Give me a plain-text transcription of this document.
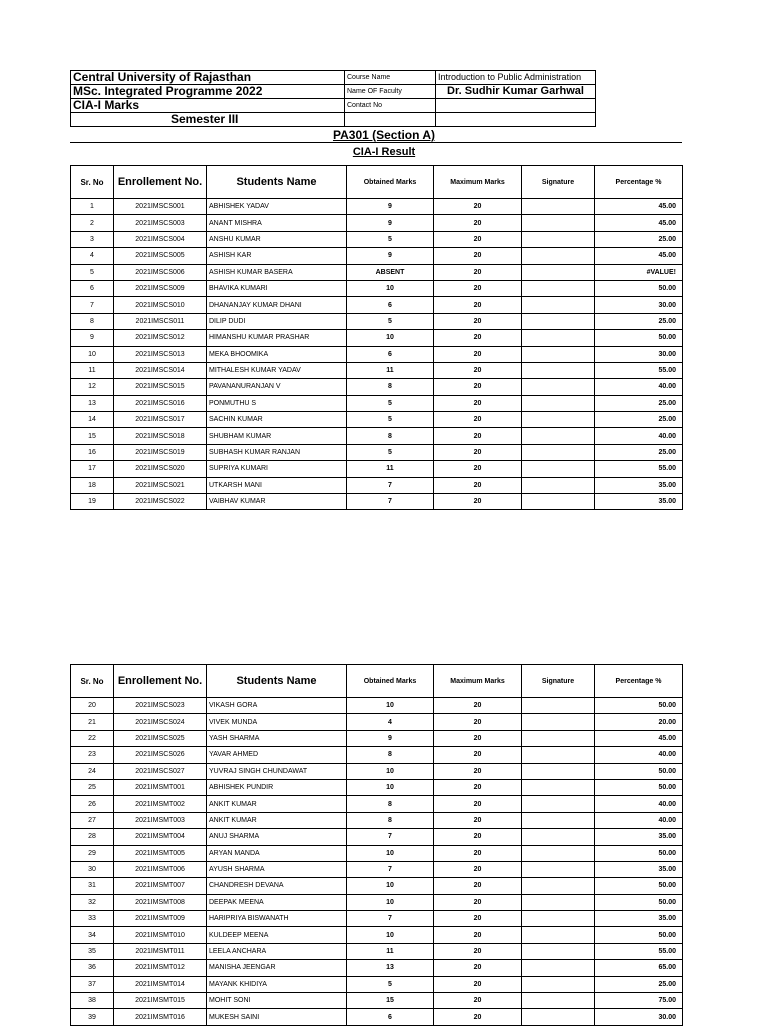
Central University of Rajasthan	Course Name	Introduction to Public Administration
MSc. Integrated Programme 2022	Name OF Faculty	Dr. Sudhir Kumar Garhwal
CIA-I Marks	Contact No	
Semester III		
PA301 (Section A)
CIA-I Result
Sr. No	Enrollement No.	Students Name	Obtained Marks	Maximum Marks	Signature	Percentage %
1	2021IMSCS001	ABHISHEK YADAV	9	20		45.00
2	2021IMSCS003	ANANT MISHRA	9	20		45.00
3	2021IMSCS004	ANSHU KUMAR	5	20		25.00
4	2021IMSCS005	ASHISH KAR	9	20		45.00
5	2021IMSCS006	ASHISH KUMAR BASERA	ABSENT	20		#VALUE!
6	2021IMSCS009	BHAVIKA KUMARI	10	20		50.00
7	2021IMSCS010	DHANANJAY KUMAR DHANI	6	20		30.00
8	2021IMSCS011	DILIP DUDI	5	20		25.00
9	2021IMSCS012	HIMANSHU KUMAR PRASHAR	10	20		50.00
10	2021IMSCS013	MEKA BHOOMIKA	6	20		30.00
11	2021IMSCS014	MITHALESH KUMAR YADAV	11	20		55.00
12	2021IMSCS015	PAVANANURANJAN V	8	20		40.00
13	2021IMSCS016	PONMUTHU S	5	20		25.00
14	2021IMSCS017	SACHIN KUMAR	5	20		25.00
15	2021IMSCS018	SHUBHAM KUMAR	8	20		40.00
16	2021IMSCS019	SUBHASH KUMAR RANJAN	5	20		25.00
17	2021IMSCS020	SUPRIYA KUMARI	11	20		55.00
18	2021IMSCS021	UTKARSH MANI	7	20		35.00
19	2021IMSCS022	VAIBHAV KUMAR	7	20		35.00
Sr. No	Enrollement No.	Students Name	Obtained Marks	Maximum Marks	Signature	Percentage %
20	2021IMSCS023	VIKASH GORA	10	20		50.00
21	2021IMSCS024	VIVEK MUNDA	4	20		20.00
22	2021IMSCS025	YASH SHARMA	9	20		45.00
23	2021IMSCS026	YAVAR AHMED	8	20		40.00
24	2021IMSCS027	YUVRAJ SINGH CHUNDAWAT	10	20		50.00
25	2021IMSMT001	ABHISHEK PUNDIR	10	20		50.00
26	2021IMSMT002	ANKIT KUMAR	8	20		40.00
27	2021IMSMT003	ANKIT KUMAR	8	20		40.00
28	2021IMSMT004	ANUJ SHARMA	7	20		35.00
29	2021IMSMT005	ARYAN MANDA	10	20		50.00
30	2021IMSMT006	AYUSH SHARMA	7	20		35.00
31	2021IMSMT007	CHANDRESH DEVANA	10	20		50.00
32	2021IMSMT008	DEEPAK MEENA	10	20		50.00
33	2021IMSMT009	HARIPRIYA BISWANATH	7	20		35.00
34	2021IMSMT010	KULDEEP MEENA	10	20		50.00
35	2021IMSMT011	LEELA ANCHARA	11	20		55.00
36	2021IMSMT012	MANISHA JEENGAR	13	20		65.00
37	2021IMSMT014	MAYANK KHIDIYA	5	20		25.00
38	2021IMSMT015	MOHIT SONI	15	20		75.00
39	2021IMSMT016	MUKESH SAINI	6	20		30.00
